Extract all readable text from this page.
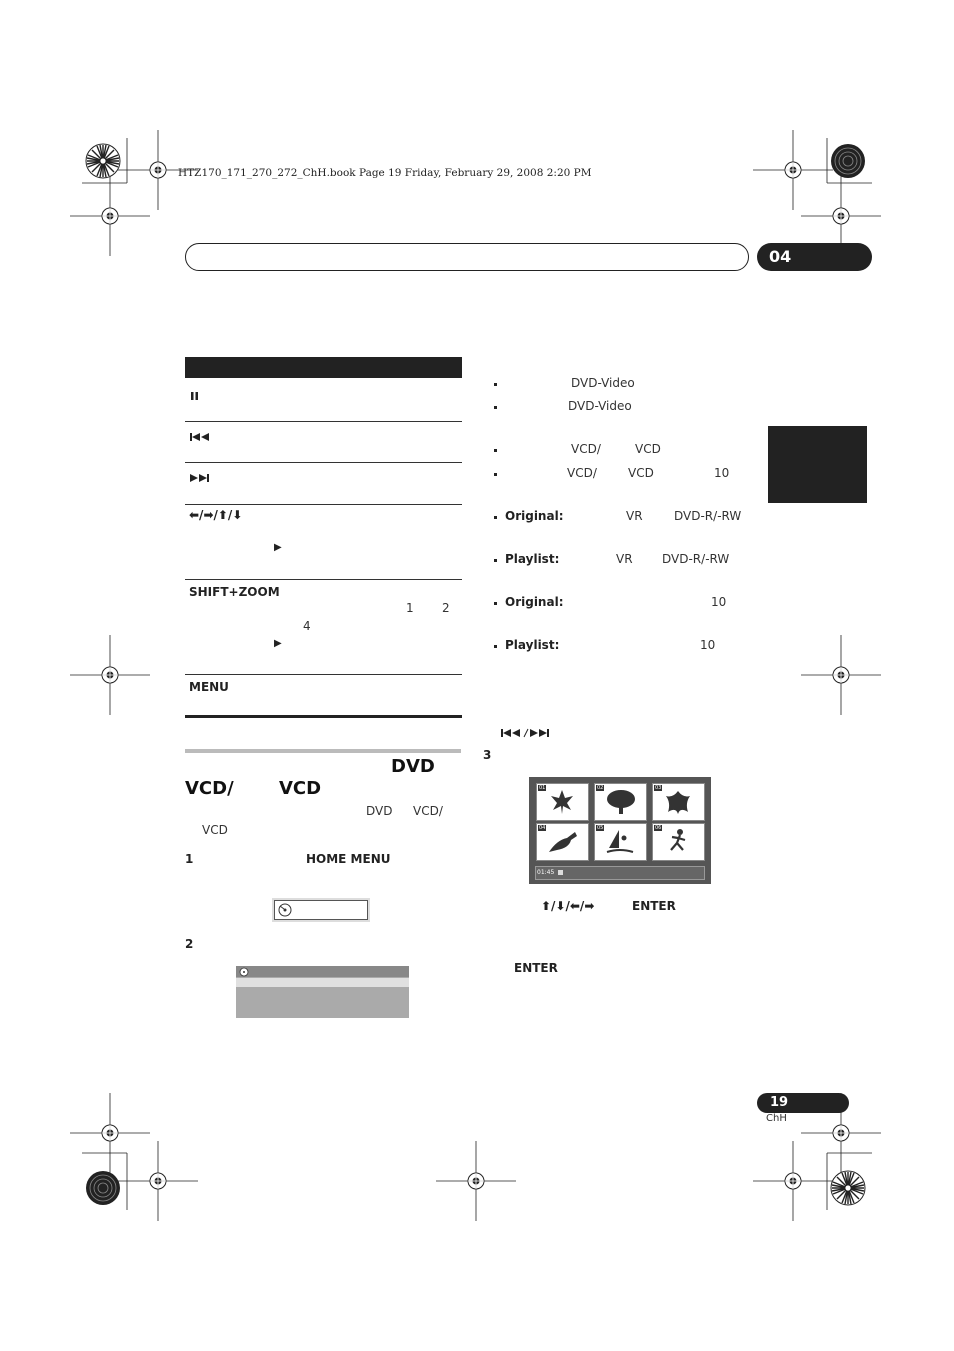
HTZ170_171_270_272_ChH.book Page 19 Friday, February 29, 2008 2:20 PM
04
⬅/➡/⬆/⬇
▶
SHIFT+ZOOM
1 2
4
▶
MENU
DVD
VCD/	VCD
DVD VCD/
VCD
1	HOME MENU
2
DVD-Video
DVD-Video
VCD/	VCD
VCD/	VCD	10
Original:	VR	DVD-R/-RW
Playlist:	VR DVD-R/-RW
Original:	10
Playlist:	10
3
01	02	03
04	05	06
01:45
⬆/⬇/⬅/➡	ENTER
ENTER
19
ChH
